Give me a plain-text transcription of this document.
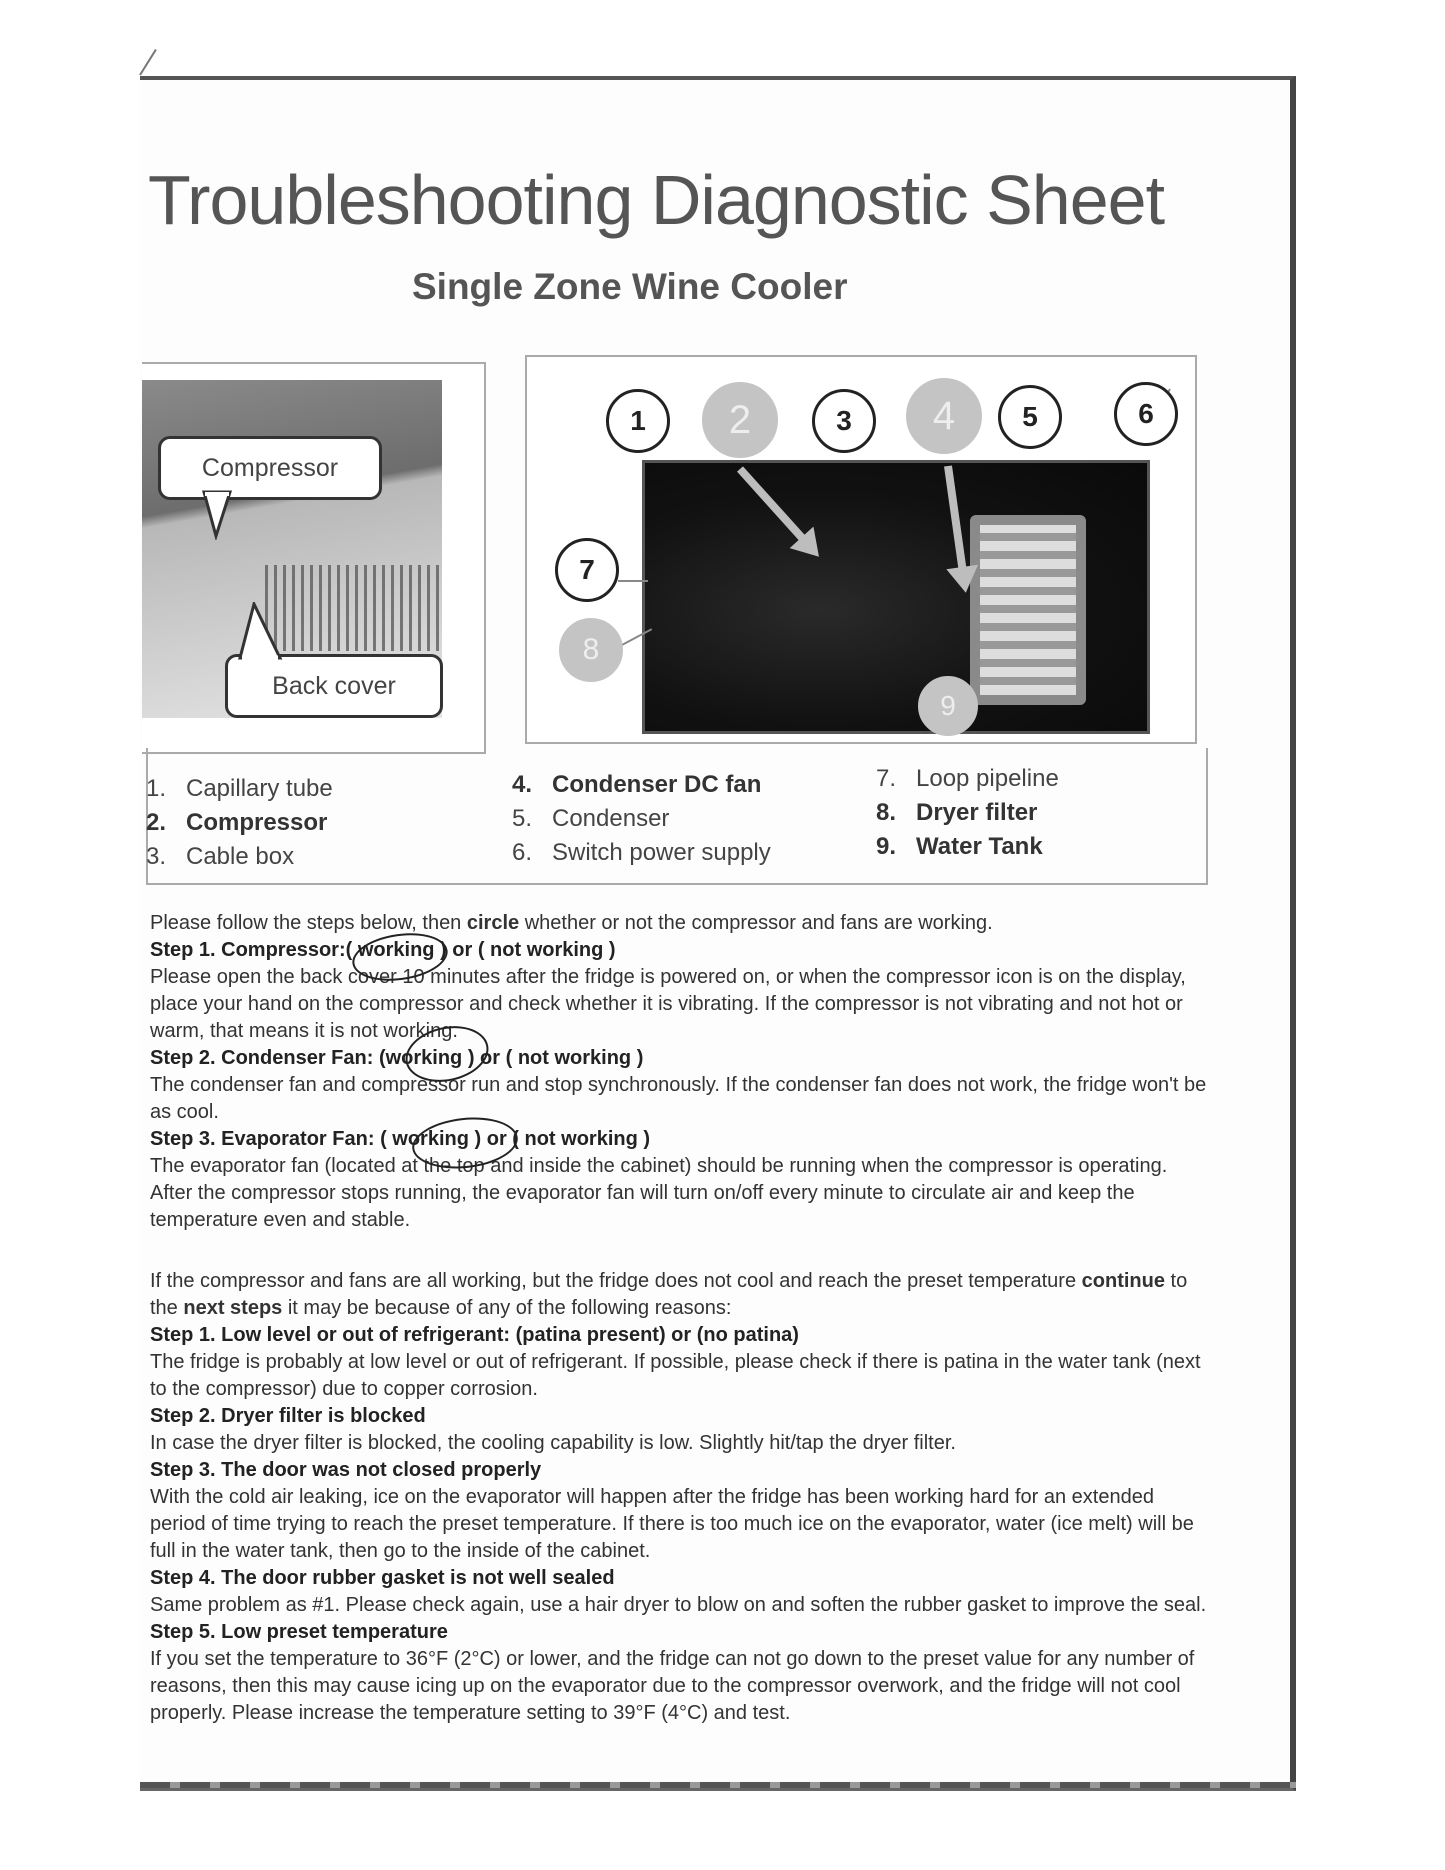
Troubleshooting Diagnostic Sheet
Single Zone Wine Cooler
Compressor
Back cover
1	2	3	4	5	6
7
8
9
1. Capillary tube
2. Compressor
3. Cable box
4. Condenser DC fan
5. Condenser
6. Switch power supply
7. Loop pipeline
8. Dryer filter
9. Water Tank

Please follow the steps below, then circle whether or not the compressor and fans are working.

Step 1. Compressor:( working ) or ( not working )

Please open the back cover 10 minutes after the fridge is powered on, or when the compressor icon is on the display, place your hand on the compressor and check whether it is vibrating. If the compressor is not vibrating and not hot or warm, that means it is not working.

Step 2. Condenser Fan: (working ) or ( not working )

The condenser fan and compressor run and stop synchronously. If the condenser fan does not work, the fridge won't be as cool.

Step 3. Evaporator Fan: ( working ) or ( not working )

The evaporator fan (located at the top and inside the cabinet) should be running when the compressor is operating. After the compressor stops running, the evaporator fan will turn on/off every minute to circulate air and keep the temperature even and stable.

If the compressor and fans are all working, but the fridge does not cool and reach the preset temperature continue to the next steps it may be because of any of the following reasons:

Step 1. Low level or out of refrigerant: (patina present) or (no patina)

The fridge is probably at low level or out of refrigerant. If possible, please check if there is patina in the water tank (next to the compressor) due to copper corrosion.

Step 2. Dryer filter is blocked

In case the dryer filter is blocked, the cooling capability is low. Slightly hit/tap the dryer filter.

Step 3. The door was not closed properly

With the cold air leaking, ice on the evaporator will happen after the fridge has been working hard for an extended period of time trying to reach the preset temperature. If there is too much ice on the evaporator, water (ice melt) will be full in the water tank, then go to the inside of the cabinet.

Step 4. The door rubber gasket is not well sealed

Same problem as #1. Please check again, use a hair dryer to blow on and soften the rubber gasket to improve the seal.

Step 5. Low preset temperature

If you set the temperature to 36°F (2°C) or lower, and the fridge can not go down to the preset value for any number of reasons, then this may cause icing up on the evaporator due to the compressor overwork, and the fridge will not cool properly. Please increase the temperature setting to 39°F (4°C) and test.
